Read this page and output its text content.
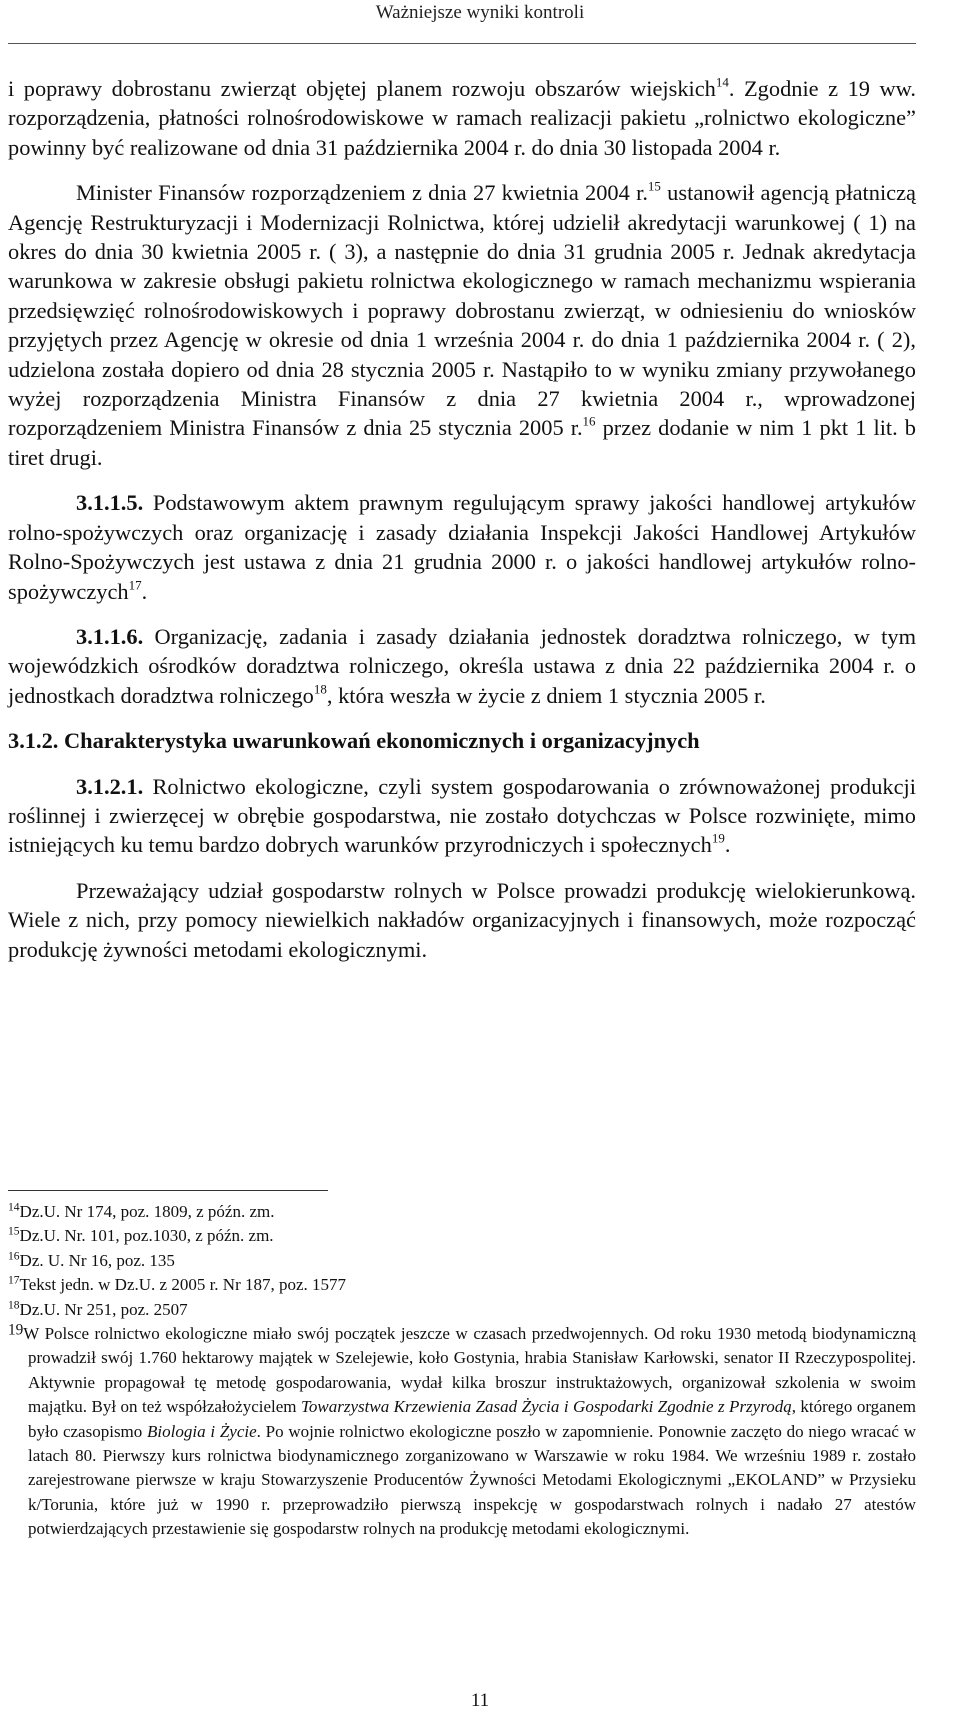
Ważniejsze wyniki kontroli

i poprawy dobrostanu zwierząt objętej planem rozwoju obszarów wiejskich$^{14}$. Zgodnie z 19 ww. rozporządzenia, płatności rolnośrodowiskowe w ramach realizacji pakietu „rolnictwo ekologiczne” powinny być realizowane od dnia 31 października 2004 r. do dnia 30 listopada 2004 r.

Minister Finansów rozporządzeniem z dnia 27 kwietnia 2004 r.$^{15}$ ustanowił agencją płatniczą Agencję Restrukturyzacji i Modernizacji Rolnictwa, której udzielił akredytacji warunkowej ( 1) na okres do dnia 30 kwietnia 2005 r. ( 3), a następnie do dnia 31 grudnia 2005 r. Jednak akredytacja warunkowa w zakresie obsługi pakietu rolnictwa ekologicznego w ramach mechanizmu wspierania przedsięwzięć rolnośrodowiskowych i poprawy dobrostanu zwierząt, w odniesieniu do wniosków przyjętych przez Agencję w okresie od dnia 1 września 2004 r. do dnia 1 października 2004 r. ( 2), udzielona została dopiero od dnia 28 stycznia 2005 r. Nastąpiło to w wyniku zmiany przywołanego wyżej rozporządzenia Ministra Finansów z dnia 27 kwietnia 2004 r., wprowadzonej rozporządzeniem Ministra Finansów z dnia 25 stycznia 2005 r.$^{16}$ przez dodanie w nim 1 pkt 1 lit. b tiret drugi.

3.1.1.5. Podstawowym aktem prawnym regulującym sprawy jakości handlowej artykułów rolno-spożywczych oraz organizację i zasady działania Inspekcji Jakości Handlowej Artykułów Rolno-Spożywczych jest ustawa z dnia 21 grudnia 2000 r. o jakości handlowej artykułów rolno-spożywczych$^{17}$.

3.1.1.6. Organizację, zadania i zasady działania jednostek doradztwa rolniczego, w tym wojewódzkich ośrodków doradztwa rolniczego, określa ustawa z dnia 22 października 2004 r. o jednostkach doradztwa rolniczego$^{18}$, która weszła w życie z dniem 1 stycznia 2005 r.

3.1.2. Charakterystyka uwarunkowań ekonomicznych i organizacyjnych

3.1.2.1. Rolnictwo ekologiczne, czyli system gospodarowania o zrównoważonej produkcji roślinnej i zwierzęcej w obrębie gospodarstwa, nie zostało dotychczas w Polsce rozwinięte, mimo istniejących ku temu bardzo dobrych warunków przyrodniczych i społecznych$^{19}$.

Przeważający udział gospodarstw rolnych w Polsce prowadzi produkcję wielokierunkową. Wiele z nich, przy pomocy niewielkich nakładów organizacyjnych i finansowych, może rozpocząć produkcję żywności metodami ekologicznymi.

$^{14}$Dz.U. Nr 174, poz. 1809, z późn. zm.

$^{15}$Dz.U. Nr. 101, poz.1030, z późn. zm.

$^{16}$Dz. U. Nr 16, poz. 135

$^{17}$Tekst jedn. w Dz.U. z 2005 r. Nr 187, poz. 1577

$^{18}$Dz.U. Nr 251, poz. 2507

19W Polsce rolnictwo ekologiczne miało swój początek jeszcze w czasach przedwojennych. Od roku 1930 metodą biodynamiczną prowadził swój 1.760 hektarowy majątek w Szelejewie, koło Gostynia, hrabia Stanisław Karłowski, senator II Rzeczypospolitej. Aktywnie propagował tę metodę gospodarowania, wydał kilka broszur instruktażowych, organizował szkolenia w swoim majątku. Był on też współzałożycielem Towarzystwa Krzewienia Zasad Życia i Gospodarki Zgodnie z Przyrodą, którego organem było czasopismo Biologia i Życie. Po wojnie rolnictwo ekologiczne poszło w zapomnienie. Ponownie zaczęto do niego wracać w latach 80. Pierwszy kurs rolnictwa biodynamicznego zorganizowano w Warszawie w roku 1984. We wrześniu 1989 r. zostało zarejestrowane pierwsze w kraju Stowarzyszenie Producentów Żywności Metodami Ekologicznymi „EKOLAND” w Przysieku k/Torunia, które już w 1990 r. przeprowadziło pierwszą inspekcję w gospodarstwach rolnych i nadało 27 atestów potwierdzających przestawienie się gospodarstw rolnych na produkcję metodami ekologicznymi.

11
